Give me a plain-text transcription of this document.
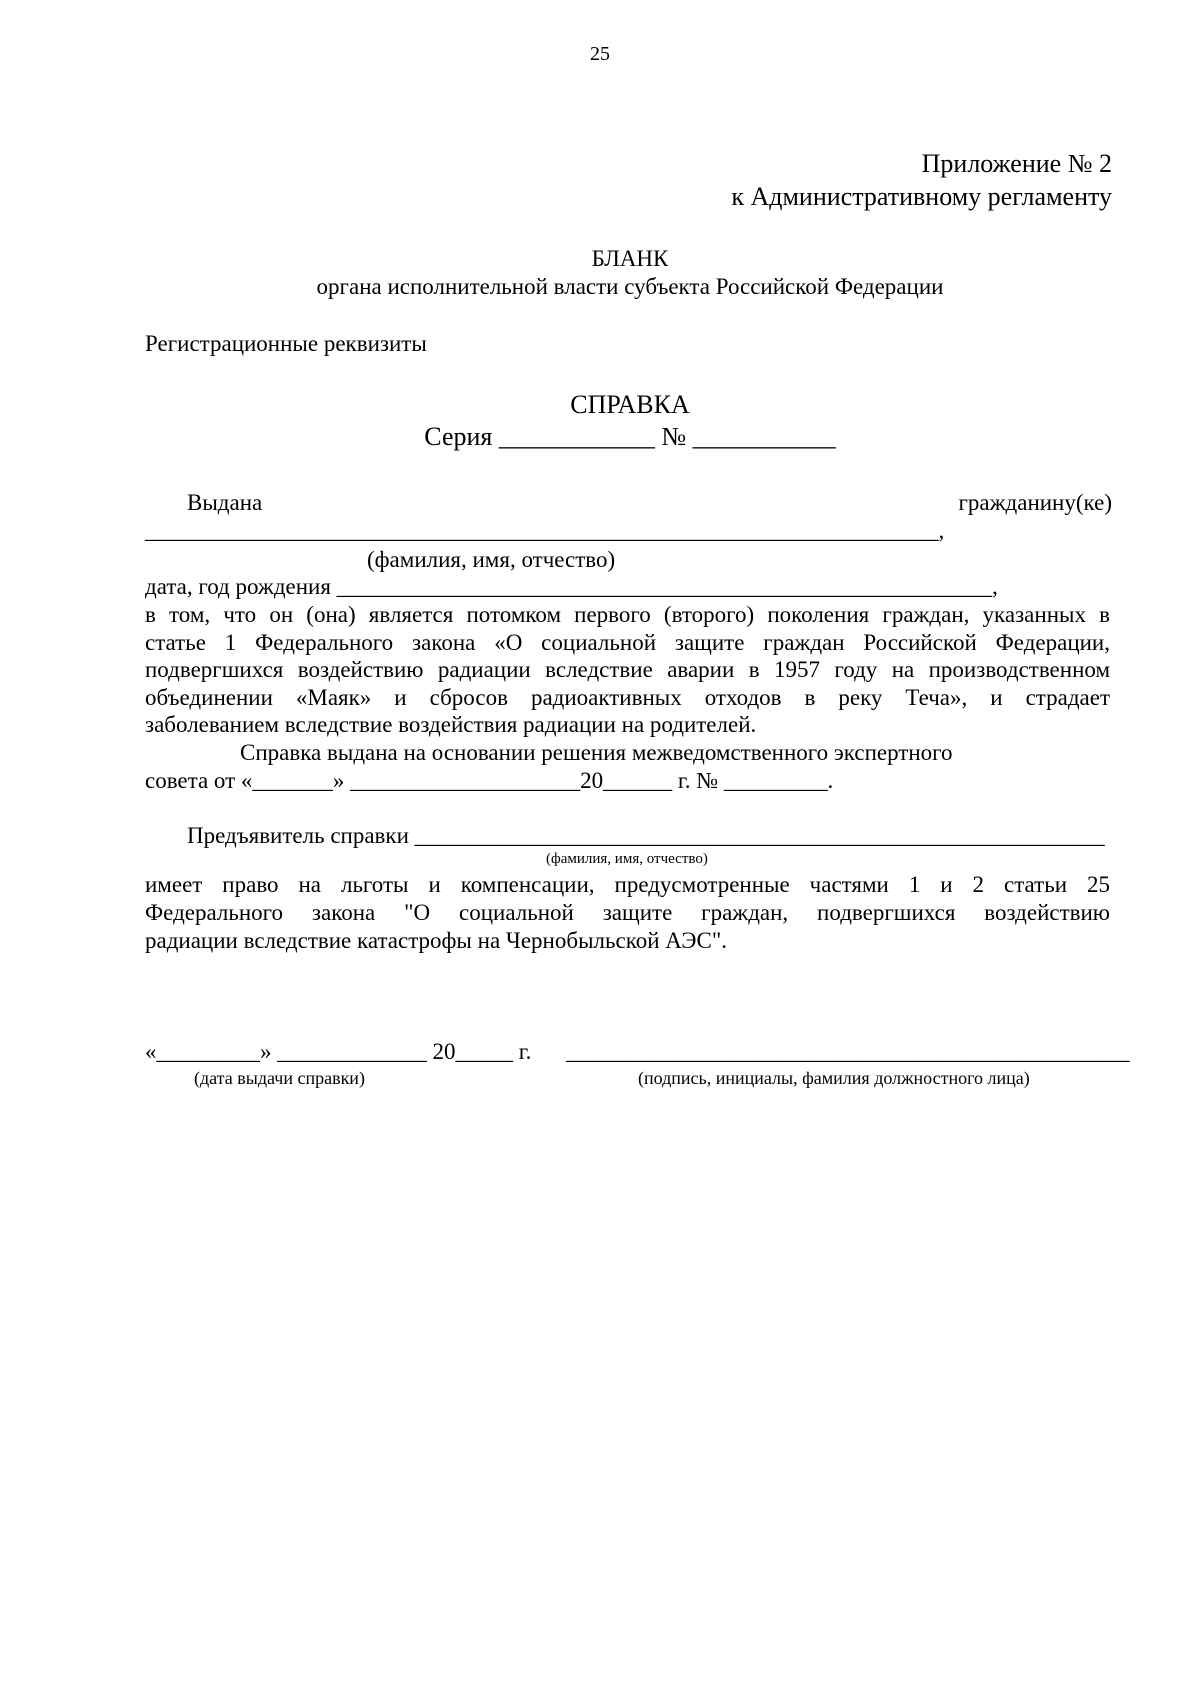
25
Приложение № 2
к Административному регламенту
БЛАНК
органа исполнительной власти субъекта Российской Федерации
Регистрационные реквизиты
СПРАВКА
Серия ____________ № ___________
Выдана	гражданину(ке)
_____________________________________________________________________,
(фамилия, имя, отчество)
дата, год рождения _________________________________________________________,
в том, что он (она) является потомком первого (второго) поколения граждан, указанных в
статье 1 Федерального закона «О социальной защите граждан Российской Федерации,
подвергшихся воздействию радиации вследствие аварии в 1957 году на производственном
объединении «Маяк» и сбросов радиоактивных отходов в реку Теча», и страдает
заболеванием вследствие воздействия радиации на родителей.
Справка выдана на основании решения межведомственного экспертного
совета от «_______» ____________________20______ г. № _________.
Предъявитель справки ____________________________________________________________
(фамилия, имя, отчество)
имеет право на льготы и компенсации, предусмотренные частями 1 и 2 статьи 25
Федерального закона "О социальной защите граждан, подвергшихся воздействию
радиации вследствие катастрофы на Чернобыльской АЭС".
«_________» _____________ 20_____ г. _________________________________________________
(дата выдачи справки)	(подпись, инициалы, фамилия должностного лица)
